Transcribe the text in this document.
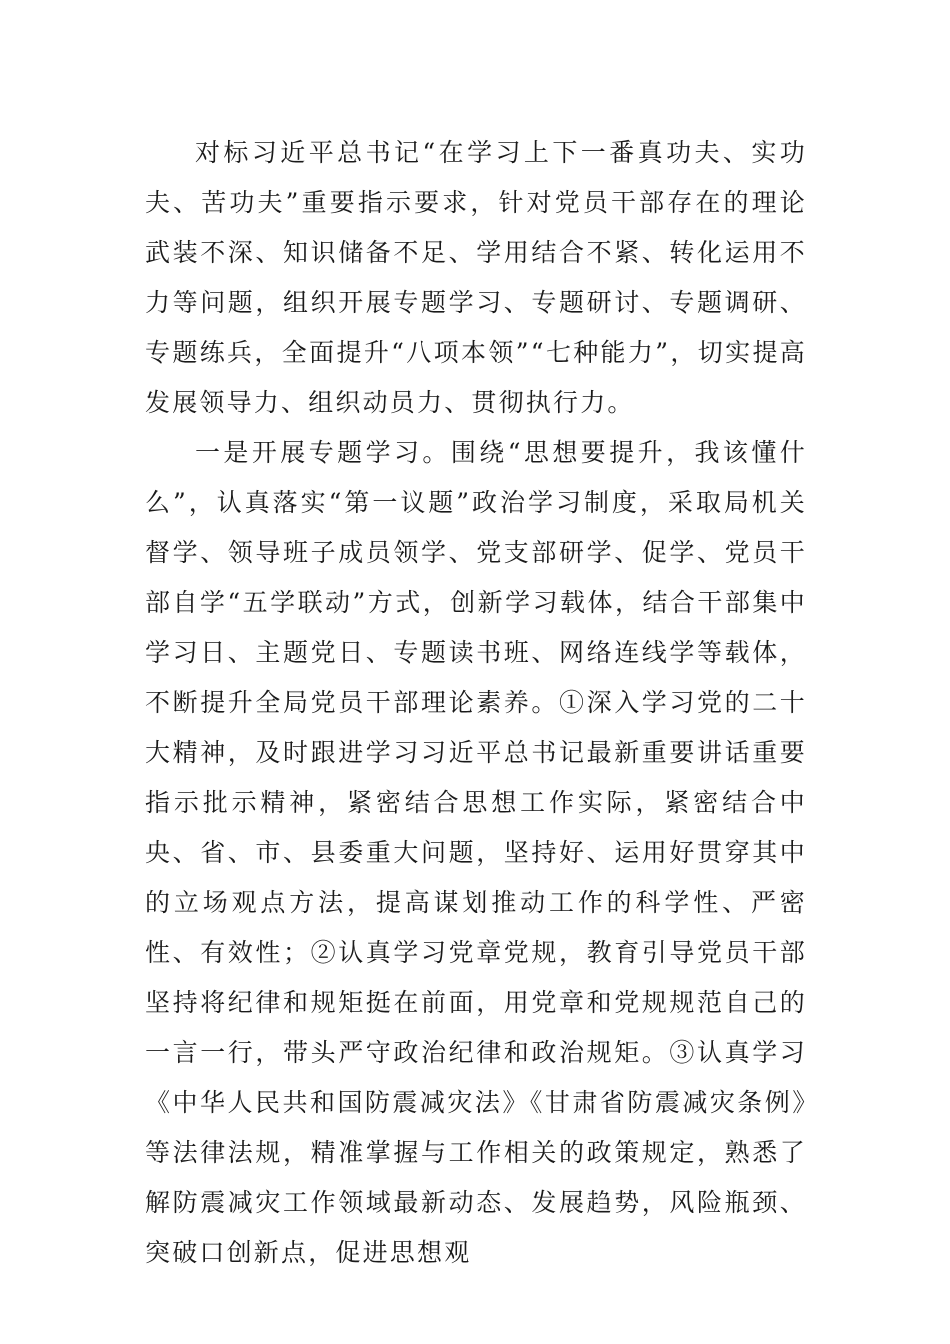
对标习近平总书记“在学习上下一番真功夫、实功夫、苦功夫”重要指示要求，针对党员干部存在的理论武装不深、知识储备不足、学用结合不紧、转化运用不力等问题，组织开展专题学习、专题研讨、专题调研、专题练兵，全面提升“八项本领”“七种能力”，切实提高发展领导力、组织动员力、贯彻执行力。

一是开展专题学习。围绕“思想要提升，我该懂什么”，认真落实“第一议题”政治学习制度，采取局机关督学、领导班子成员领学、党支部研学、促学、党员干部自学“五学联动”方式，创新学习载体，结合干部集中学习日、主题党日、专题读书班、网络连线学等载体，不断提升全局党员干部理论素养。①深入学习党的二十大精神，及时跟进学习习近平总书记最新重要讲话重要指示批示精神，紧密结合思想工作实际，紧密结合中央、省、市、县委重大问题，坚持好、运用好贯穿其中的立场观点方法，提高谋划推动工作的科学性、严密性、有效性；②认真学习党章党规，教育引导党员干部坚持将纪律和规矩挺在前面，用党章和党规规范自己的一言一行，带头严守政治纪律和政治规矩。③认真学习《中华人民共和国防震减灾法》《甘肃省防震减灾条例》等法律法规，精准掌握与工作相关的政策规定，熟悉了解防震减灾工作领域最新动态、发展趋势，风险瓶颈、突破口创新点，促进思想观
